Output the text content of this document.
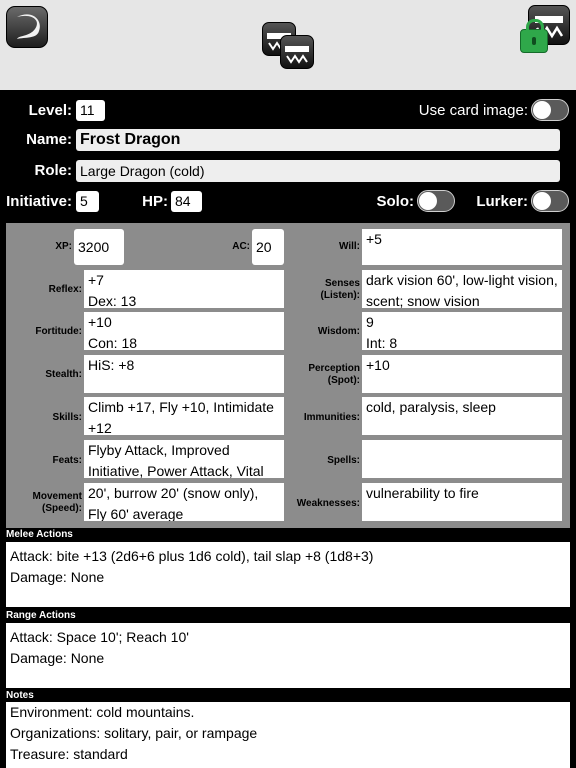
Level: 11	Use card image:
Name: Frost Dragon
Role: Large Dragon (cold)
Initiative: 5	HP: 84	Solo:	Lurker:
XP: 3200	AC: 20	Will: +5
Reflex:
+7
Dex: 13
Senses
(Listen):
dark vision 60', low-light vision, scent; snow vision
Fortitude:
+10
Con: 18
Wisdom:
9
Int: 8
Stealth:
HiS: +8	Perception
(Spot):
+10
Skills:
Climb +17, Fly +10, Intimidate +12
Immunities:
cold, paralysis, sleep
Feats:
Flyby Attack, Improved Initiative, Power Attack, Vital
Spells:
Movement
(Speed):
20', burrow 20' (snow only), Fly 60' average
Weaknesses:
vulnerability to fire
Melee Actions
Attack: bite +13 (2d6+6 plus 1d6 cold), tail slap +8 (1d8+3)
Damage: None
Range Actions
Attack: Space 10'; Reach 10'
Damage: None
Notes
Environment: cold mountains.
Organizations: solitary, pair, or rampage
Treasure: standard
